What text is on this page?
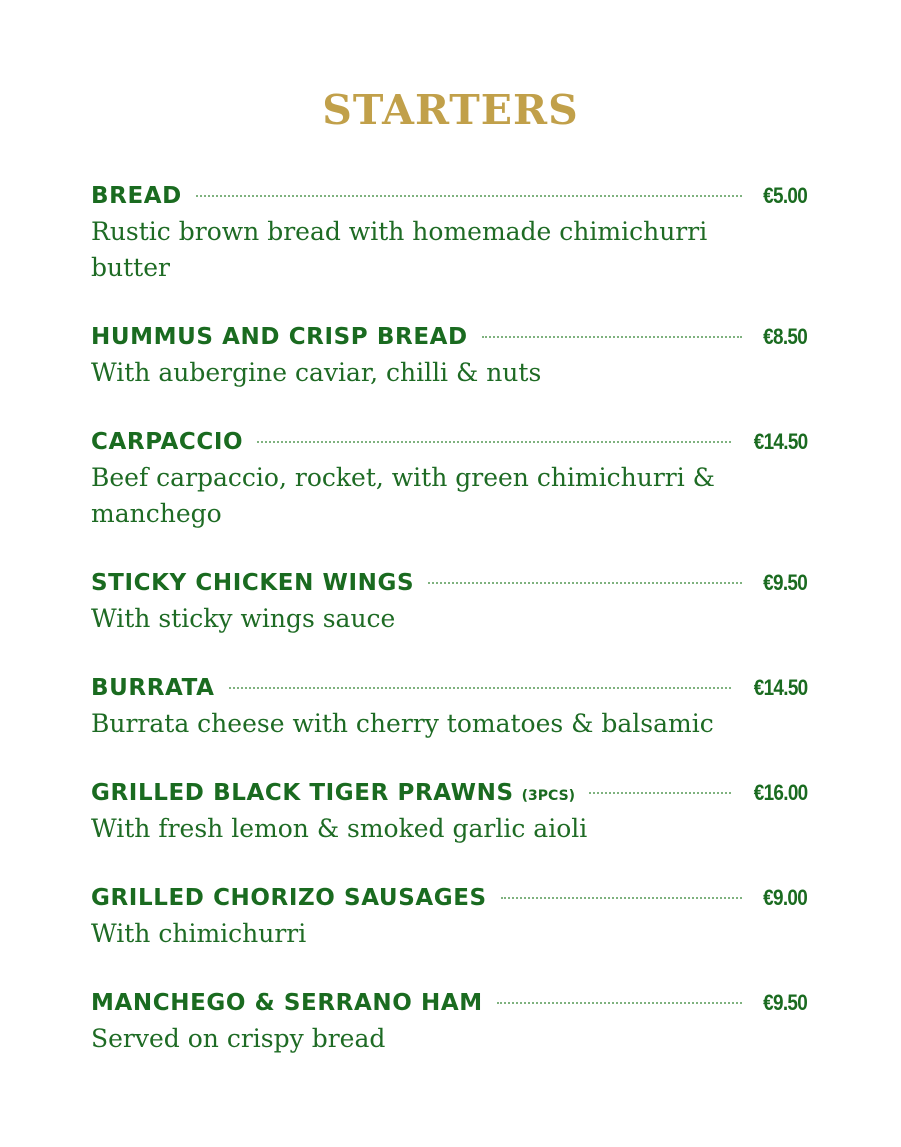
STARTERS
BREAD	€5.00

Rustic brown bread with homemade chimichurri butter

HUMMUS AND CRISP BREAD	€8.50

With aubergine caviar, chilli & nuts

CARPACCIO	€14.50

Beef carpaccio, rocket, with green chimichurri & manchego

STICKY CHICKEN WINGS	€9.50

With sticky wings sauce

BURRATA	€14.50

Burrata cheese with cherry tomatoes & balsamic

GRILLED BLACK TIGER PRAWNS (3PCS)	€16.00

With fresh lemon & smoked garlic aioli

GRILLED CHORIZO SAUSAGES	€9.00

With chimichurri

MANCHEGO & SERRANO HAM	€9.50

Served on crispy bread
